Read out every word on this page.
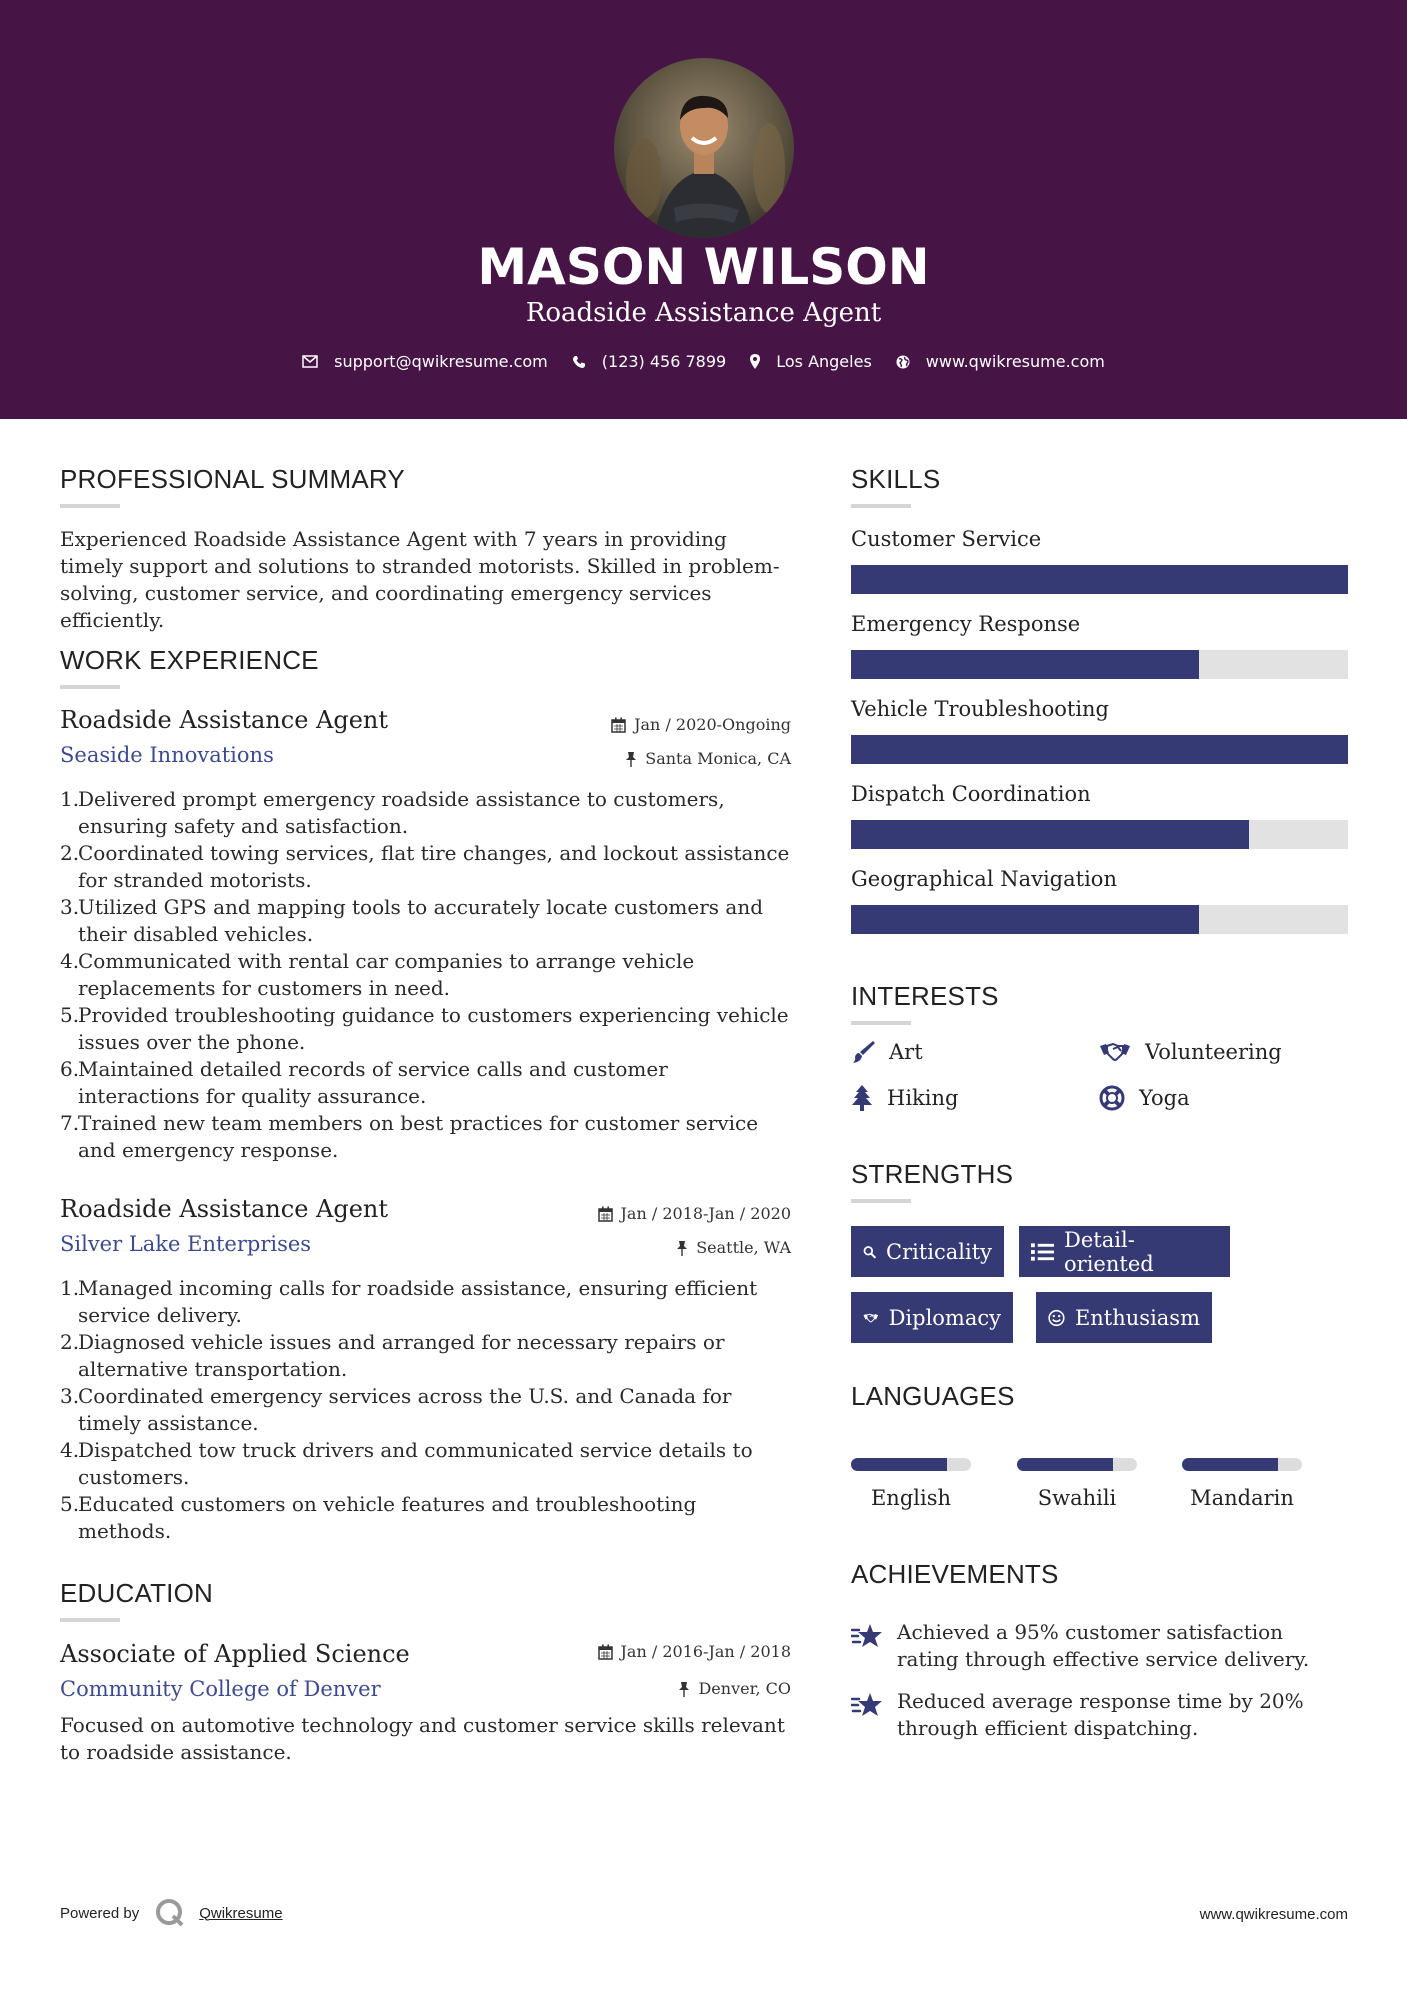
MASON WILSON
Roadside Assistance Agent
support@qwikresume.com	(123) 456 7899	Los Angeles	www.qwikresume.com
PROFESSIONAL SUMMARY
Experienced Roadside Assistance Agent with 7 years in providing timely support and solutions to stranded motorists. Skilled in problem-solving, customer service, and coordinating emergency services efficiently.
WORK EXPERIENCE
Roadside Assistance Agent	Jan / 2020-Ongoing
Seaside Innovations	Santa Monica, CA
1.
Delivered prompt emergency roadside assistance to customers, ensuring safety and satisfaction.
2.
Coordinated towing services, flat tire changes, and lockout assistance for stranded motorists.
3.
Utilized GPS and mapping tools to accurately locate customers and their disabled vehicles.
4.
Communicated with rental car companies to arrange vehicle replacements for customers in need.
5.
Provided troubleshooting guidance to customers experiencing vehicle issues over the phone.
6.
Maintained detailed records of service calls and customer interactions for quality assurance.
7.
Trained new team members on best practices for customer service and emergency response.
Roadside Assistance Agent	Jan / 2018-Jan / 2020
Silver Lake Enterprises	Seattle, WA
1.
Managed incoming calls for roadside assistance, ensuring efficient service delivery.
2.
Diagnosed vehicle issues and arranged for necessary repairs or alternative transportation.
3.
Coordinated emergency services across the U.S. and Canada for timely assistance.
4.
Dispatched tow truck drivers and communicated service details to customers.
5.
Educated customers on vehicle features and troubleshooting methods.
EDUCATION
Associate of Applied Science	Jan / 2016-Jan / 2018
Community College of Denver	Denver, CO
Focused on automotive technology and customer service skills relevant to roadside assistance.
SKILLS
Customer Service
Emergency Response
Vehicle Troubleshooting
Dispatch Coordination
Geographical Navigation
INTERESTS
Art	Volunteering
Hiking	Yoga
STRENGTHS
Criticality	Detail-oriented
Diplomacy	Enthusiasm
LANGUAGES
English	Swahili	Mandarin
ACHIEVEMENTS
Achieved a 95% customer satisfaction rating through effective service delivery.
Reduced average response time by 20% through efficient dispatching.
Powered by	Qwikresume	www.qwikresume.com
